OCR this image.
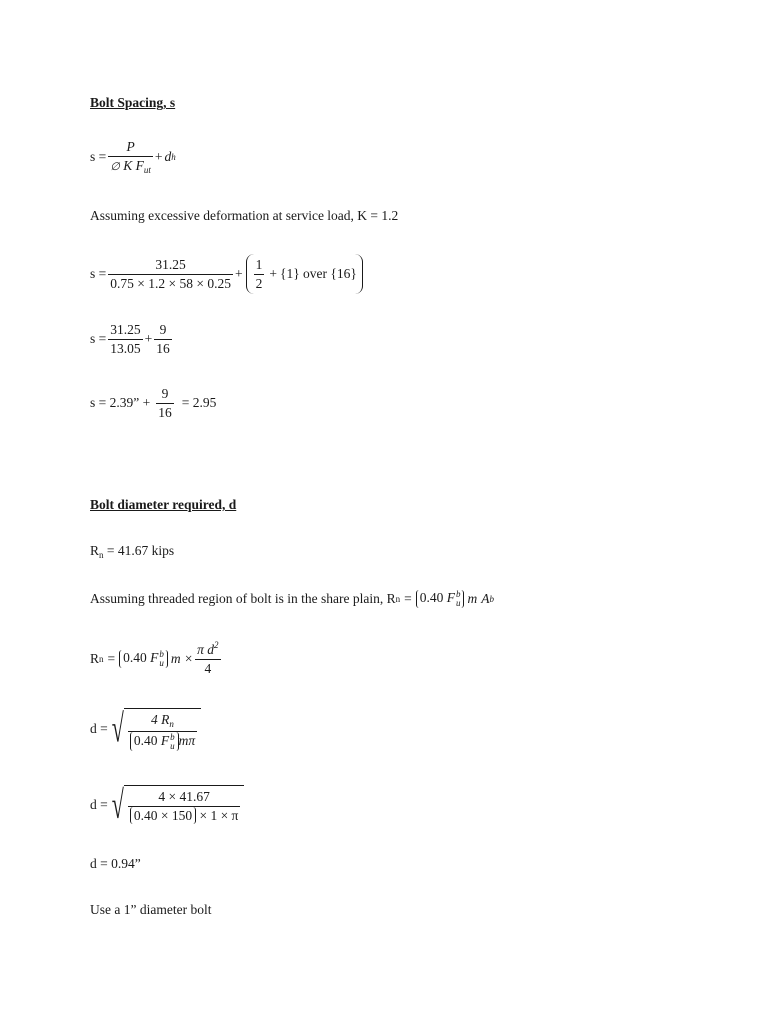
Bolt Spacing, s
$s = \frac{P}{\emptyset K F_{ut}} + d$ h
Assuming excessive deformation at service load, K = 1.2
$s = \frac{31.25}{0.75 \times 1.2 \times 58 \times 0.25} + \frac{1}{2} + \{1\}$ over {16}
$s = \frac{31.25}{13.05} + \frac{9}{16}$
s = 2.39” + $\frac{9}{16} = 2.95$
Bolt diameter required, d
$R_n = 41.67$ kips
Assuming threaded region of bolt is in the share plain, R n = 0.40 F b
u m A b
R n = 0.40 F b
u $m \times \frac{\pi d^2}{4}$
d = √ 4 $R_n$
0.40 F b
u mπ
d = √ $\frac{4 \times 41.67}{0.40 \times 150 \times 1 \times \pi}$
d = 0.94”
Use a 1” diameter bolt
